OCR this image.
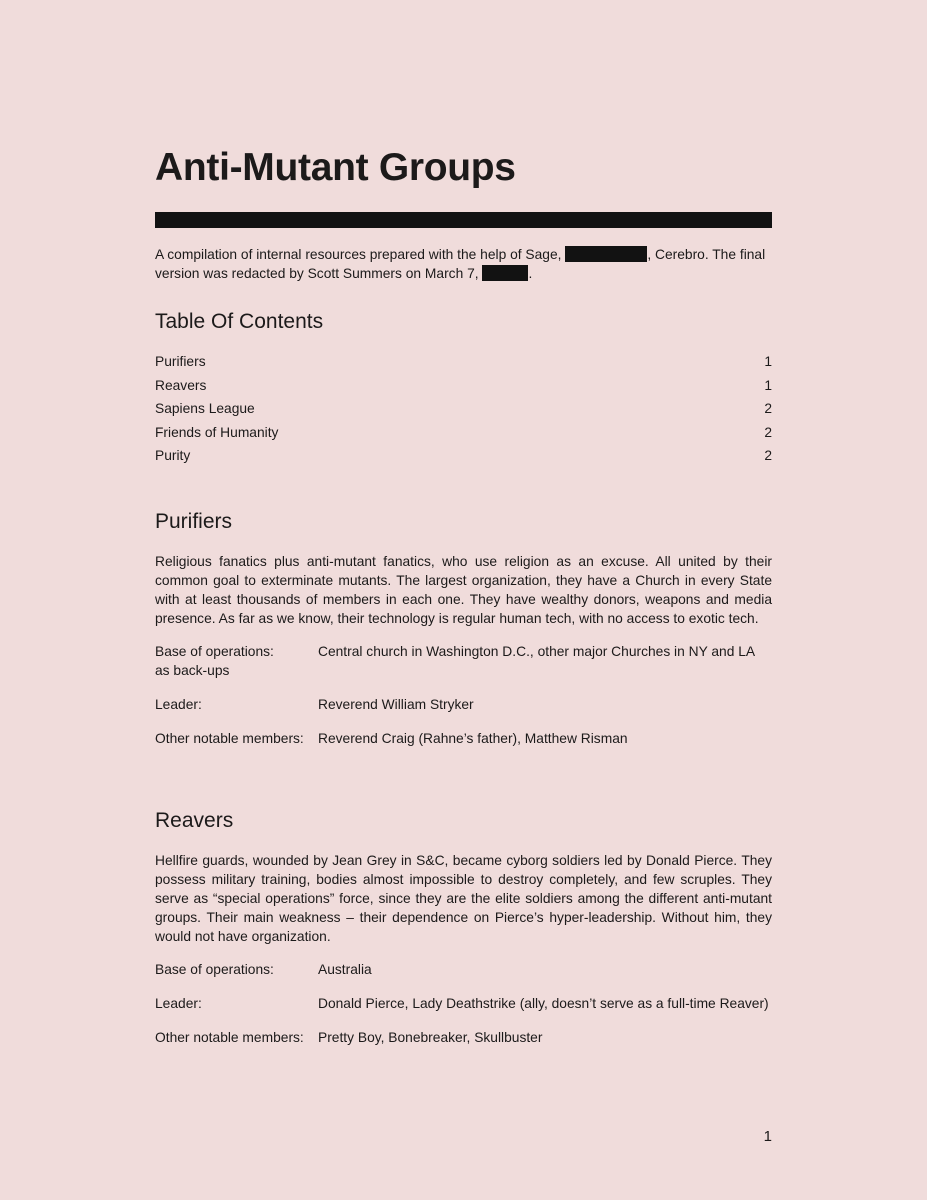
Anti-Mutant Groups

A compilation of internal resources prepared with the help of Sage,	, Cerebro. The final version was redacted by Scott Summers on March 7,	.

Table Of Contents
Purifiers	1
Reavers	1
Sapiens League	2
Friends of Humanity	2
Purity	2
Purifiers

Religious fanatics plus anti-mutant fanatics, who use religion as an excuse. All united by their common goal to exterminate mutants. The largest organization, they have a Church in every State with at least thousands of members in each one. They have wealthy donors, weapons and media presence. As far as we know, their technology is regular human tech, with no access to exotic tech.

Base of operations:	Central church in Washington D.C., other major Churches in NY and LA as back-ups

Leader:	Reverend William Stryker

Other notable members: Reverend Craig (Rahne’s father), Matthew Risman

Reavers

Hellfire guards, wounded by Jean Grey in S&C, became cyborg soldiers led by Donald Pierce. They possess military training, bodies almost impossible to destroy completely, and few scruples. They serve as “special operations” force, since they are the elite soldiers among the different anti-mutant groups. Their main weakness – their dependence on Pierce’s hyper-leadership. Without him, they would not have organization.

Base of operations:	Australia

Leader:	Donald Pierce, Lady Deathstrike (ally, doesn’t serve as a full-time Reaver)

Other notable members: Pretty Boy, Bonebreaker, Skullbuster

1
